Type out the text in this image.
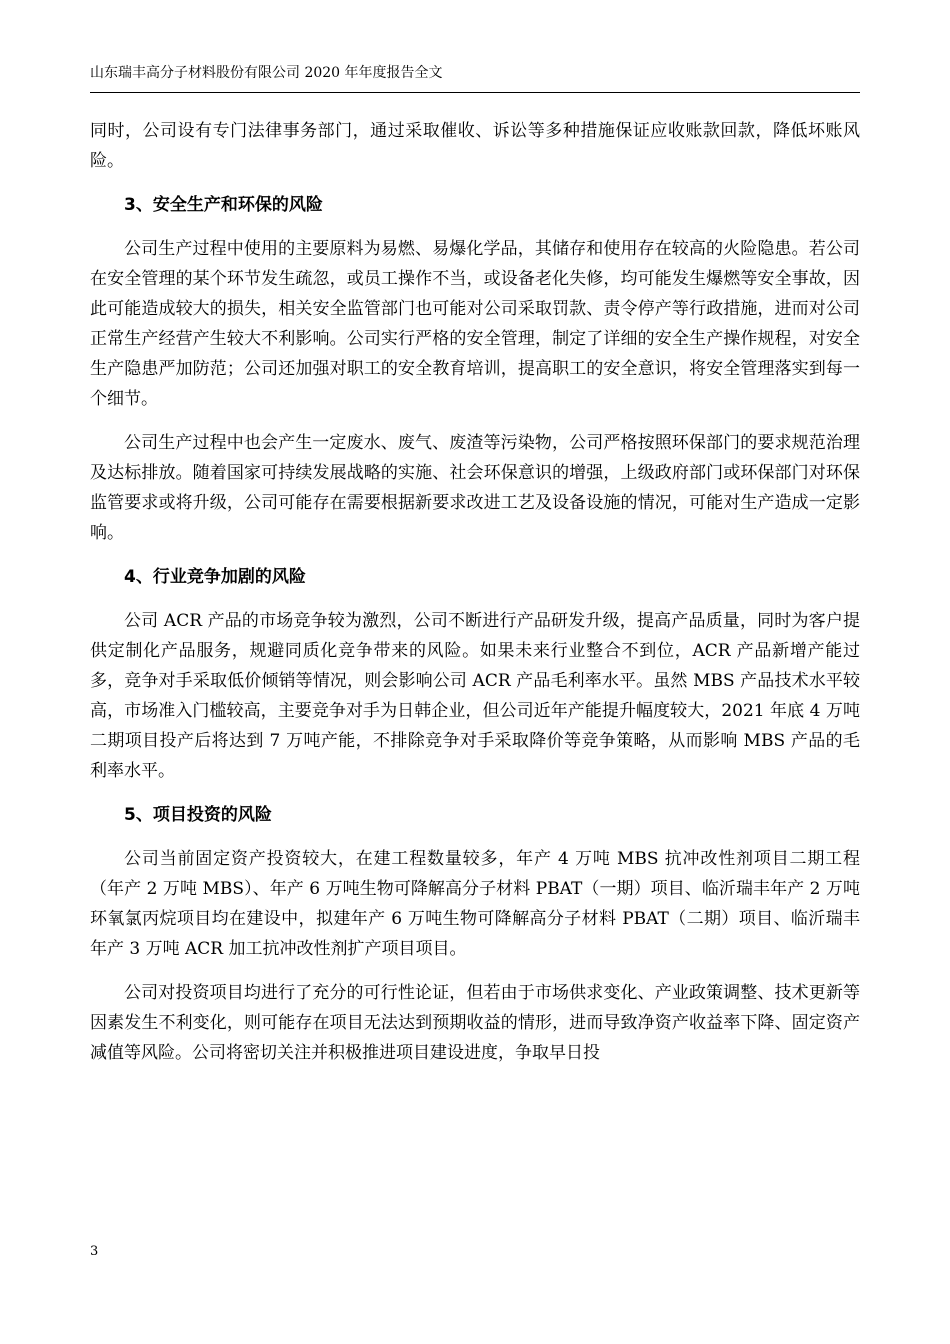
山东瑞丰高分子材料股份有限公司 2020 年年度报告全文

同时，公司设有专门法律事务部门，通过采取催收、诉讼等多种措施保证应收账款回款，降低坏账风险。

3、安全生产和环保的风险

公司生产过程中使用的主要原料为易燃、易爆化学品，其储存和使用存在较高的火险隐患。若公司在安全管理的某个环节发生疏忽，或员工操作不当，或设备老化失修，均可能发生爆燃等安全事故，因此可能造成较大的损失，相关安全监管部门也可能对公司采取罚款、责令停产等行政措施，进而对公司正常生产经营产生较大不利影响。公司实行严格的安全管理，制定了详细的安全生产操作规程，对安全生产隐患严加防范；公司还加强对职工的安全教育培训，提高职工的安全意识，将安全管理落实到每一个细节。

公司生产过程中也会产生一定废水、废气、废渣等污染物，公司严格按照环保部门的要求规范治理及达标排放。随着国家可持续发展战略的实施、社会环保意识的增强，上级政府部门或环保部门对环保监管要求或将升级，公司可能存在需要根据新要求改进工艺及设备设施的情况，可能对生产造成一定影响。

4、行业竞争加剧的风险

公司 ACR 产品的市场竞争较为激烈，公司不断进行产品研发升级，提高产品质量，同时为客户提供定制化产品服务，规避同质化竞争带来的风险。如果未来行业整合不到位，ACR 产品新增产能过多，竞争对手采取低价倾销等情况，则会影响公司 ACR 产品毛利率水平。虽然 MBS 产品技术水平较高，市场准入门槛较高，主要竞争对手为日韩企业，但公司近年产能提升幅度较大，2021 年底 4 万吨二期项目投产后将达到 7 万吨产能，不排除竞争对手采取降价等竞争策略，从而影响 MBS 产品的毛利率水平。

5、项目投资的风险

公司当前固定资产投资较大，在建工程数量较多，年产 4 万吨 MBS 抗冲改性剂项目二期工程（年产 2 万吨 MBS）、年产 6 万吨生物可降解高分子材料 PBAT（一期）项目、临沂瑞丰年产 2 万吨环氧氯丙烷项目均在建设中，拟建年产 6 万吨生物可降解高分子材料 PBAT（二期）项目、临沂瑞丰年产 3 万吨 ACR 加工抗冲改性剂扩产项目项目。

公司对投资项目均进行了充分的可行性论证，但若由于市场供求变化、产业政策调整、技术更新等因素发生不利变化，则可能存在项目无法达到预期收益的情形，进而导致净资产收益率下降、固定资产减值等风险。公司将密切关注并积极推进项目建设进度，争取早日投

3
